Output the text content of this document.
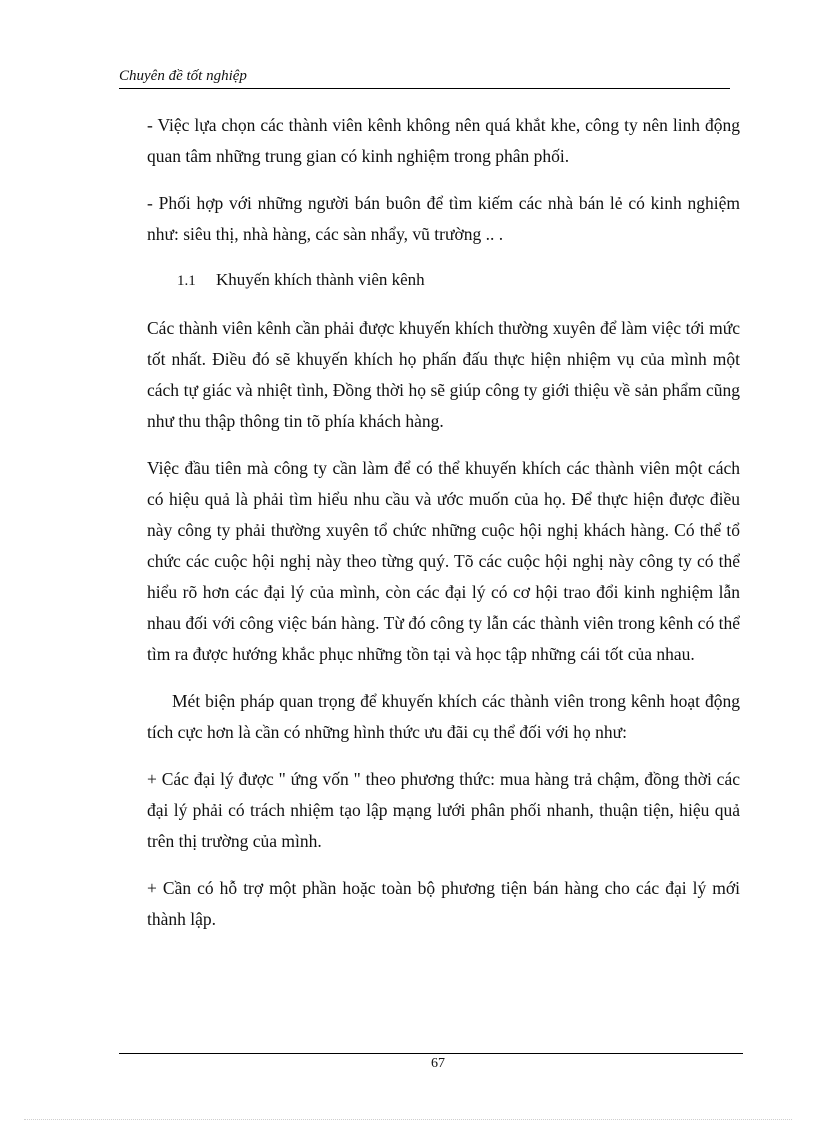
Chuyên đề tốt nghiệp

- Việc lựa chọn các thành viên kênh không nên quá khắt khe, công ty nên linh động quan tâm những trung gian có kinh nghiệm trong phân phối.

- Phối hợp với những người bán buôn để tìm kiếm các nhà bán lẻ có kinh nghiệm như: siêu thị, nhà hàng, các sàn nhẩy, vũ trường .. .

1.1	Khuyến khích thành viên kênh

Các thành viên kênh cần phải được khuyến khích thường xuyên để làm việc tới mức tốt nhất. Điều đó sẽ khuyến khích họ phấn đấu thực hiện nhiệm vụ của mình một cách tự giác và nhiệt tình, Đồng thời họ sẽ giúp công ty giới thiệu về sản phẩm cũng như thu thập thông tin tõ phía khách hàng.

Việc đầu tiên mà công ty cần làm để có thể khuyến khích các thành viên một cách có hiệu quả là phải tìm hiểu nhu cầu và ước muốn của họ. Để thực hiện được điều này công ty phải thường xuyên tổ chức những cuộc hội nghị khách hàng. Có thể tổ chức các cuộc hội nghị này theo từng quý. Tõ các cuộc hội nghị này công ty có thể hiểu rõ hơn các đại lý của mình, còn các đại lý có cơ hội trao đổi kinh nghiệm lẫn nhau đối với công việc bán hàng. Từ đó công ty lẫn các thành viên trong kênh có thể tìm ra được hướng khắc phục những tồn tại và học tập những cái tốt của nhau.

Mét biện pháp quan trọng để khuyến khích các thành viên trong kênh hoạt động tích cực hơn là cần có những hình thức ưu đãi cụ thể đối với họ như:

+ Các đại lý được " ứng vốn " theo phương thức: mua hàng trả chậm, đồng thời các đại lý phải có trách nhiệm tạo lập mạng lưới phân phối nhanh, thuận tiện, hiệu quả trên thị trường của mình.

+ Cần có hỗ trợ một phần hoặc toàn bộ phương tiện bán hàng cho các đại lý mới thành lập.

67
